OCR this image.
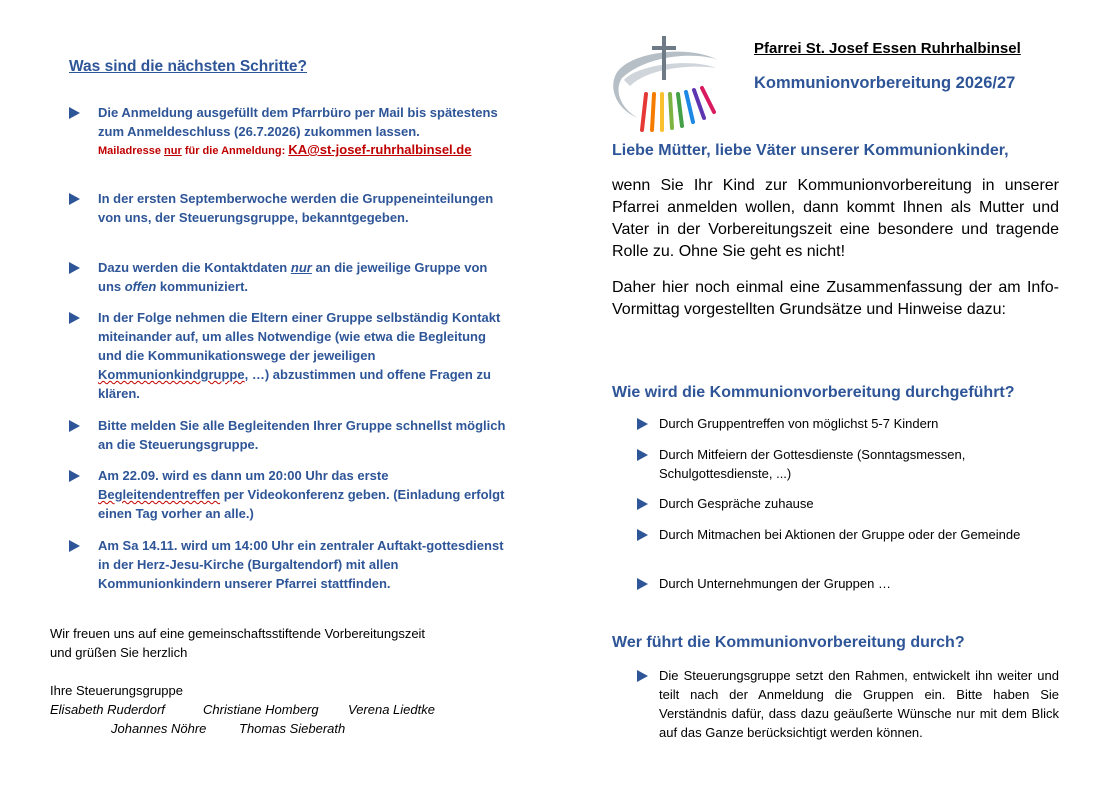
Was sind die nächsten Schritte?
Die Anmeldung ausgefüllt dem Pfarrbüro per Mail bis spätestens zum Anmeldeschluss (26.7.2026) zukommen lassen.
Mailadresse nur für die Anmeldung: KA@st-josef-ruhrhalbinsel.de
In der ersten Septemberwoche werden die Gruppeneinteilungen von uns, der Steuerungsgruppe, bekanntgegeben.
Dazu werden die Kontaktdaten nur an die jeweilige Gruppe von uns offen kommuniziert.
In der Folge nehmen die Eltern einer Gruppe selbständig Kontakt miteinander auf, um alles Notwendige (wie etwa die Begleitung und die Kommunikationswege der jeweiligen Kommunionkindgruppe, …) abzustimmen und offene Fragen zu klären.
Bitte melden Sie alle Begleitenden Ihrer Gruppe schnellst möglich an die Steuerungsgruppe.
Am 22.09. wird es dann um 20:00 Uhr das erste Begleitendentreffen per Videokonferenz geben. (Einladung erfolgt einen Tag vorher an alle.)
Am Sa 14.11. wird um 14:00 Uhr ein zentraler Auftakt-gottesdienst in der Herz-Jesu-Kirche (Burgaltendorf) mit allen Kommunionkindern unserer Pfarrei stattfinden.
Wir freuen uns auf eine gemeinschaftsstiftende Vorbereitungszeit
und grüßen Sie herzlich
Ihre Steuerungsgruppe
Elisabeth Ruderdorf	Christiane Homberg Verena Liedtke
Johannes Nöhre	Thomas Sieberath
Pfarrei St. Josef Essen Ruhrhalbinsel
Kommunionvorbereitung 2026/27
Liebe Mütter, liebe Väter unserer Kommunionkinder,
wenn Sie Ihr Kind zur Kommunionvorbereitung in unserer Pfarrei anmelden wollen, dann kommt Ihnen als Mutter und Vater in der Vorbereitungszeit eine besondere und tragende Rolle zu. Ohne Sie geht es nicht!
Daher hier noch einmal eine Zusammenfassung der am Info-Vormittag vorgestellten Grundsätze und Hinweise dazu:
Wie wird die Kommunionvorbereitung durchgeführt?
Durch Gruppentreffen von möglichst 5-7 Kindern
Durch Mitfeiern der Gottesdienste (Sonntagsmessen, Schulgottesdienste, ...)
Durch Gespräche zuhause
Durch Mitmachen bei Aktionen der Gruppe oder der Gemeinde
Durch Unternehmungen der Gruppen …
Wer führt die Kommunionvorbereitung durch?
Die Steuerungsgruppe setzt den Rahmen, entwickelt ihn weiter und teilt nach der Anmeldung die Gruppen ein. Bitte haben Sie Verständnis dafür, dass dazu geäußerte Wünsche nur mit dem Blick auf das Ganze berücksichtigt werden können.
